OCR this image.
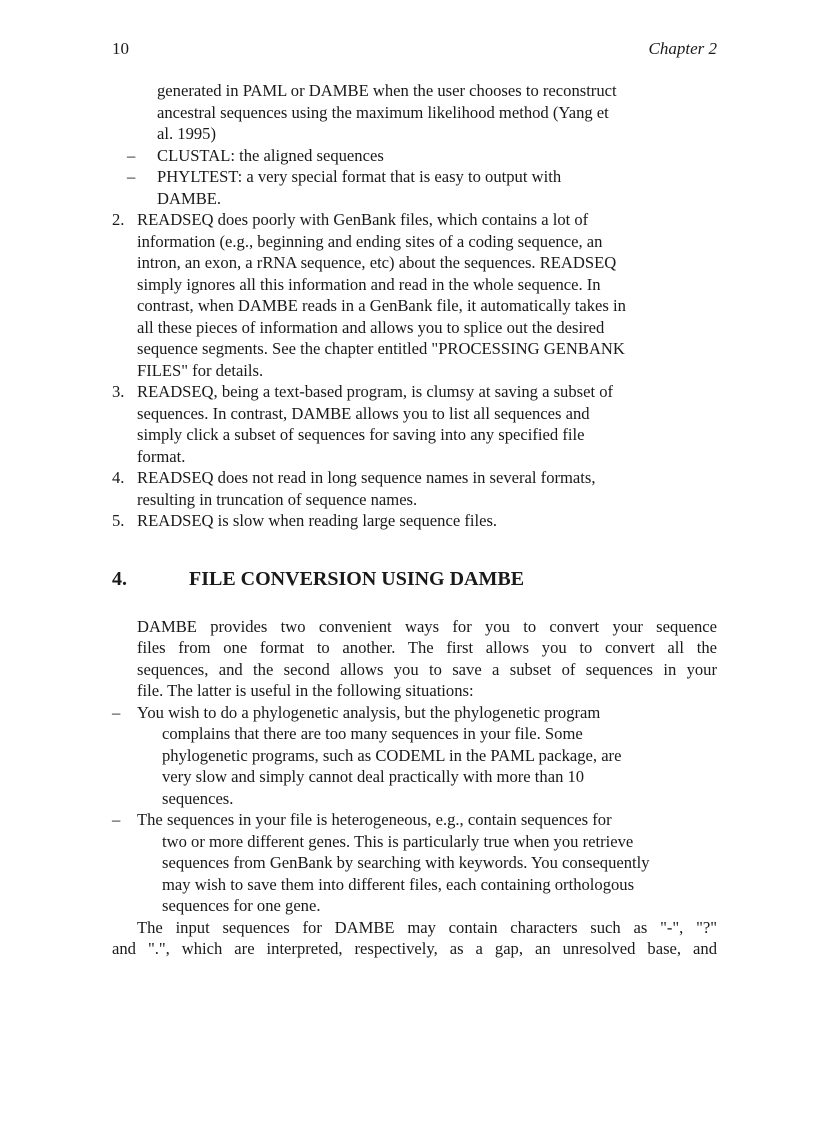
10	Chapter 2

generated in PAML or DAMBE when the user chooses to reconstruct

ancestral sequences using the maximum likelihood method (Yang et

al. 1995)

– CLUSTAL: the aligned sequences

– PHYLTEST: a very special format that is easy to output with

DAMBE.

2. READSEQ does poorly with GenBank files, which contains a lot of

information (e.g., beginning and ending sites of a coding sequence, an

intron, an exon, a rRNA sequence, etc) about the sequences. READSEQ

simply ignores all this information and read in the whole sequence. In

contrast, when DAMBE reads in a GenBank file, it automatically takes in

all these pieces of information and allows you to splice out the desired

sequence segments. See the chapter entitled "PROCESSING GENBANK

FILES" for details.

3. READSEQ, being a text-based program, is clumsy at saving a subset of

sequences. In contrast, DAMBE allows you to list all sequences and

simply click a subset of sequences for saving into any specified file

format.

4. READSEQ does not read in long sequence names in several formats,

resulting in truncation of sequence names.

5. READSEQ is slow when reading large sequence files.

4.	FILE CONVERSION USING DAMBE

DAMBE provides two convenient ways for you to convert your sequence
files from one format to another. The first allows you to convert all the
sequences, and the second allows you to save a subset of sequences in your
file. The latter is useful in the following situations:

– You wish to do a phylogenetic analysis, but the phylogenetic program

complains that there are too many sequences in your file. Some

phylogenetic programs, such as CODEML in the PAML package, are

very slow and simply cannot deal practically with more than 10

sequences.

– The sequences in your file is heterogeneous, e.g., contain sequences for

two or more different genes. This is particularly true when you retrieve

sequences from GenBank by searching with keywords. You consequently

may wish to save them into different files, each containing orthologous

sequences for one gene.

The input sequences for DAMBE may contain characters such as "-", "?"
and ".", which are interpreted, respectively, as a gap, an unresolved base, and
